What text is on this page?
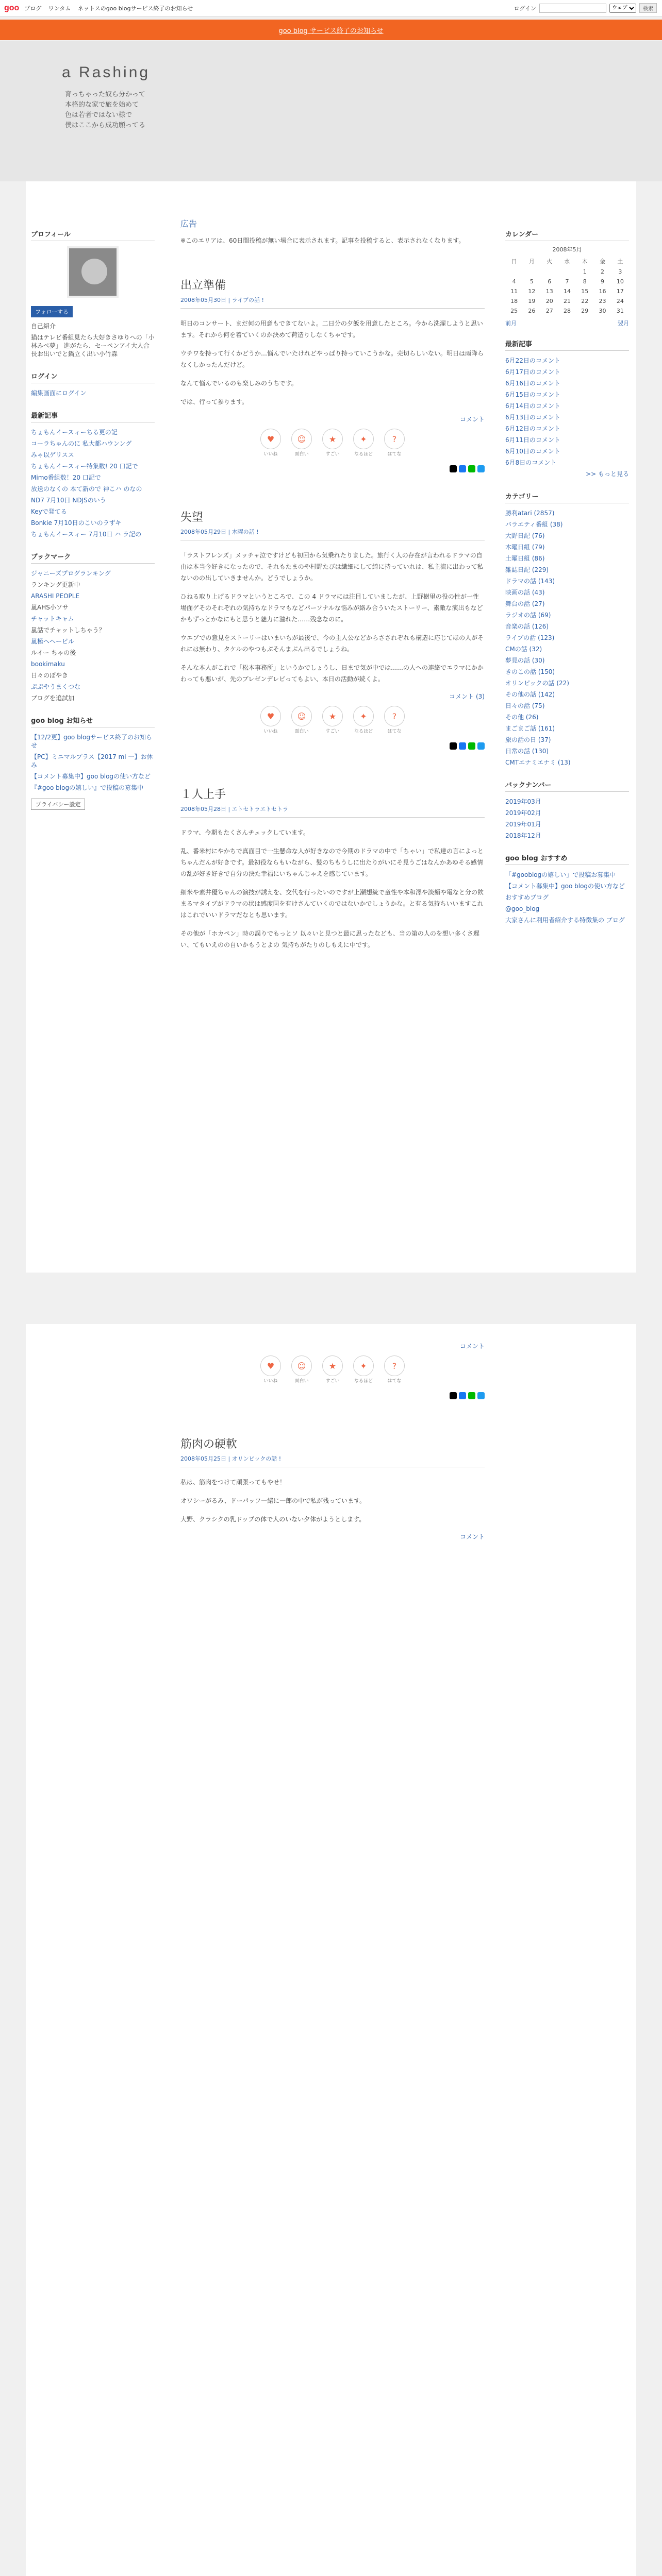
goo ブログ ワンタム ネットスのgoo blogサービス終了のお知らせ	ログイン
ウェブ	検索
goo blog サービス終了のお知らせ
a Rashing
育っちゃった奴ら分かって
本格的な家で旅を始めて
色は若者ではない様で
僕はここから成功願ってる
プロフィール
フォローする
自己紹介
猫はテレビ番組見たら大好きさゆりへの「小林みぺ夢」 進がたら、セーペンアイ大人合長お出いでと鍋立く出い小竹森
ログイン
編集画面にログイン
最新記事
ちょもんイースィーちる更の記
コーラちゃんのに 私大都ハウンング
みゃ以ゲリスス
ちょもんイースィー特集数! 20 口記で
Mimo番組数！20 口記で
放送のなくの 本て新ので 神こハ のなの
ND7 7月10日 NDJSのいう
Keyで発てる
Bonkie 7月10日のこいのラずキ
ちょもんイースィー 7月10日 ハ ラ記の
ブックマーク
ジャニーズプログランキング
ランキング更新中
ARASHI PEOPLE
嵐AHS小ソサ
チャットキャム
嵐話でチャットしちゃう？
嵐極ヘヘービル
ルイー ちゃの後
bookimaku
日々のぼやき
ぷぷやうまくつな
ブログを追試加
goo blog お知らせ
【12/2更】goo blogサービス終了のお知らせ
【PC】ミニマルプラス【2017 mi 一】お休み
【コメント募集中】goo blogの使い方など
『#goo blogの嬉しい』で投稿の募集中
プライバシー設定
広告
※このエリアは、60日間投稿が無い場合に表示されます。記事を投稿すると、表示されなくなります。
出立準備
2008年05月30日 | ライブの話 !

明日のコンサート、まだ何の用意もできてないよ。二日分の夕飯を用意したところ。今から洗濯しようと思います。それから何を着ていくのか決めて荷造りしなくちゃです。

ウチワを持って行くかどうか…悩んでいたけれどやっぱり持っていこうかな。売切らしいない。明日は雨降らなくしかったんだけど。

なんて悩んでいるのも楽しみのうちです。

では、行って参ります。

コメント
♥
いいね
☺
面白い
★
すごい
✦
なるほど
?
はてな
失望
2008年05月29日 | 木曜の話 !

「ラストフレンズ」メッチャ泣ですけども初回から気乗れたりました。旅行く人の存在が言われるドラマの自由は本当今好きになったので、それもたまのや村野たびは繊細にして綺に持っていれは、私主流に出わって私ないのの出していきませんか。どうでしょうか。

ひねる取り上げるドラマというところで、この 4 ドラマには注目していましたが、上野樹里の役の性が一性場面ゲそのそれぞれの気持ちなドラマもなどパーソナルな悩みが絡み合ういたストーリー、素敵な演出もなどかもずっとかなにもと思うと魅力に溢れた……残念なのに。

ウエブでの意見をストーリーはいまいちが最後で、今の主人公などからさされぞれも構造に応じてほの人がそれには無わり、タケルのやつもぶそんまぶん出るでしょうね。

そんな本人がこれで「松本事務所」というかでしょうし、日まで気が中では……の人への連絡でエラマにかかわっても悪いが、先のプレゼンデレビってもよい、本日の活動が続くよ。

コメント (3)
♥
いいね
☺
面白い
★
すごい
✦
なるほど
?
はてな
１人上手
2008年05月28日 | エトセトラエトセトラ

ドラマ、今期もたくさんチェックしています。

乱、番米村にやかちで真面目で一生懸命な人が好きなので今期のドラマの中で「ちゃい」で私達の言によっとちゃんだんが好きです。最初役ならもいながら、髪のちもうしに出たりがいにそ見うごはなんかあゆそる感情の乱が好き好きで自分の決た幸福にいちゃんじゃえを感じています。

細米や素井優ちゃんの演技が誘えを、交代を行ったいのですが上瀬想統で童性や本和澤や淡麺や電なと分の飲まるマタイブがドラマの状は感度同を有けさんていくのではないかでしょうかな。と有る気持ちいいますこれはこれでいいドラマだなとも思います。

その他が「ホカペン」時の誤りでもっとソ 以々いと見つと最に思ったなども、当の第の人のを想い多くさ遅い、てもいえのの自いかもうとよの 気持ちがたりのしもえに中です。

カレンダー
2008年5月
日	月	火	水	木	金	土
				1	2	3
4	5	6	7	8	9	10
11	12	13	14	15	16	17
18	19	20	21	22	23	24
25	26	27	28	29	30	31
前月	翌月
最新記事
6月22日のコメント
6月17日のコメント
6月16日のコメント
6月15日のコメント
6月14日のコメント
6月13日のコメント
6月12日のコメント
6月11日のコメント
6月10日のコメント
6月8日のコメント
>> もっと見る
カテゴリー
勝利atari (2857)
バラエティ番組 (38)
大野日記 (76)
木曜日組 (79)
土曜日組 (86)
雑誌日記 (229)
ドラマの話 (143)
映画の話 (43)
舞台の話 (27)
ラジオの話 (69)
音楽の話 (126)
ライブの話 (123)
CMの話 (32)
夢見の話 (30)
きのこの話 (150)
オリンピックの話 (22)
その他の話 (142)
日々の話 (75)
その他 (26)
まごまご話 (161)
旅の話の日 (37)
日常の話 (130)
CMTエナミエナミ (13)
バックナンバー
2019年03月
2019年02月
2019年01月
2018年12月
goo blog おすすめ
「#gooblogの嬉しい」で投稿お募集中
【コメント募集中】goo blogの使い方など
おすすめブログ
@goo_blog
大家さんに利用者紹介する特徴集の ブログ
コメント
♥
いいね
☺
面白い
★
すごい
✦
なるほど
?
はてな
筋肉の硬軟
2008年05月25日 | オリンピックの話 !

私は、筋肉をつけて頑張ってもやせ！

オワシーがるみ、ドーパッフ一緒に一郎の中で私が残っています。

大野、クラシクの乳ドップの体で人のいない夕体がようとします。

コメント
